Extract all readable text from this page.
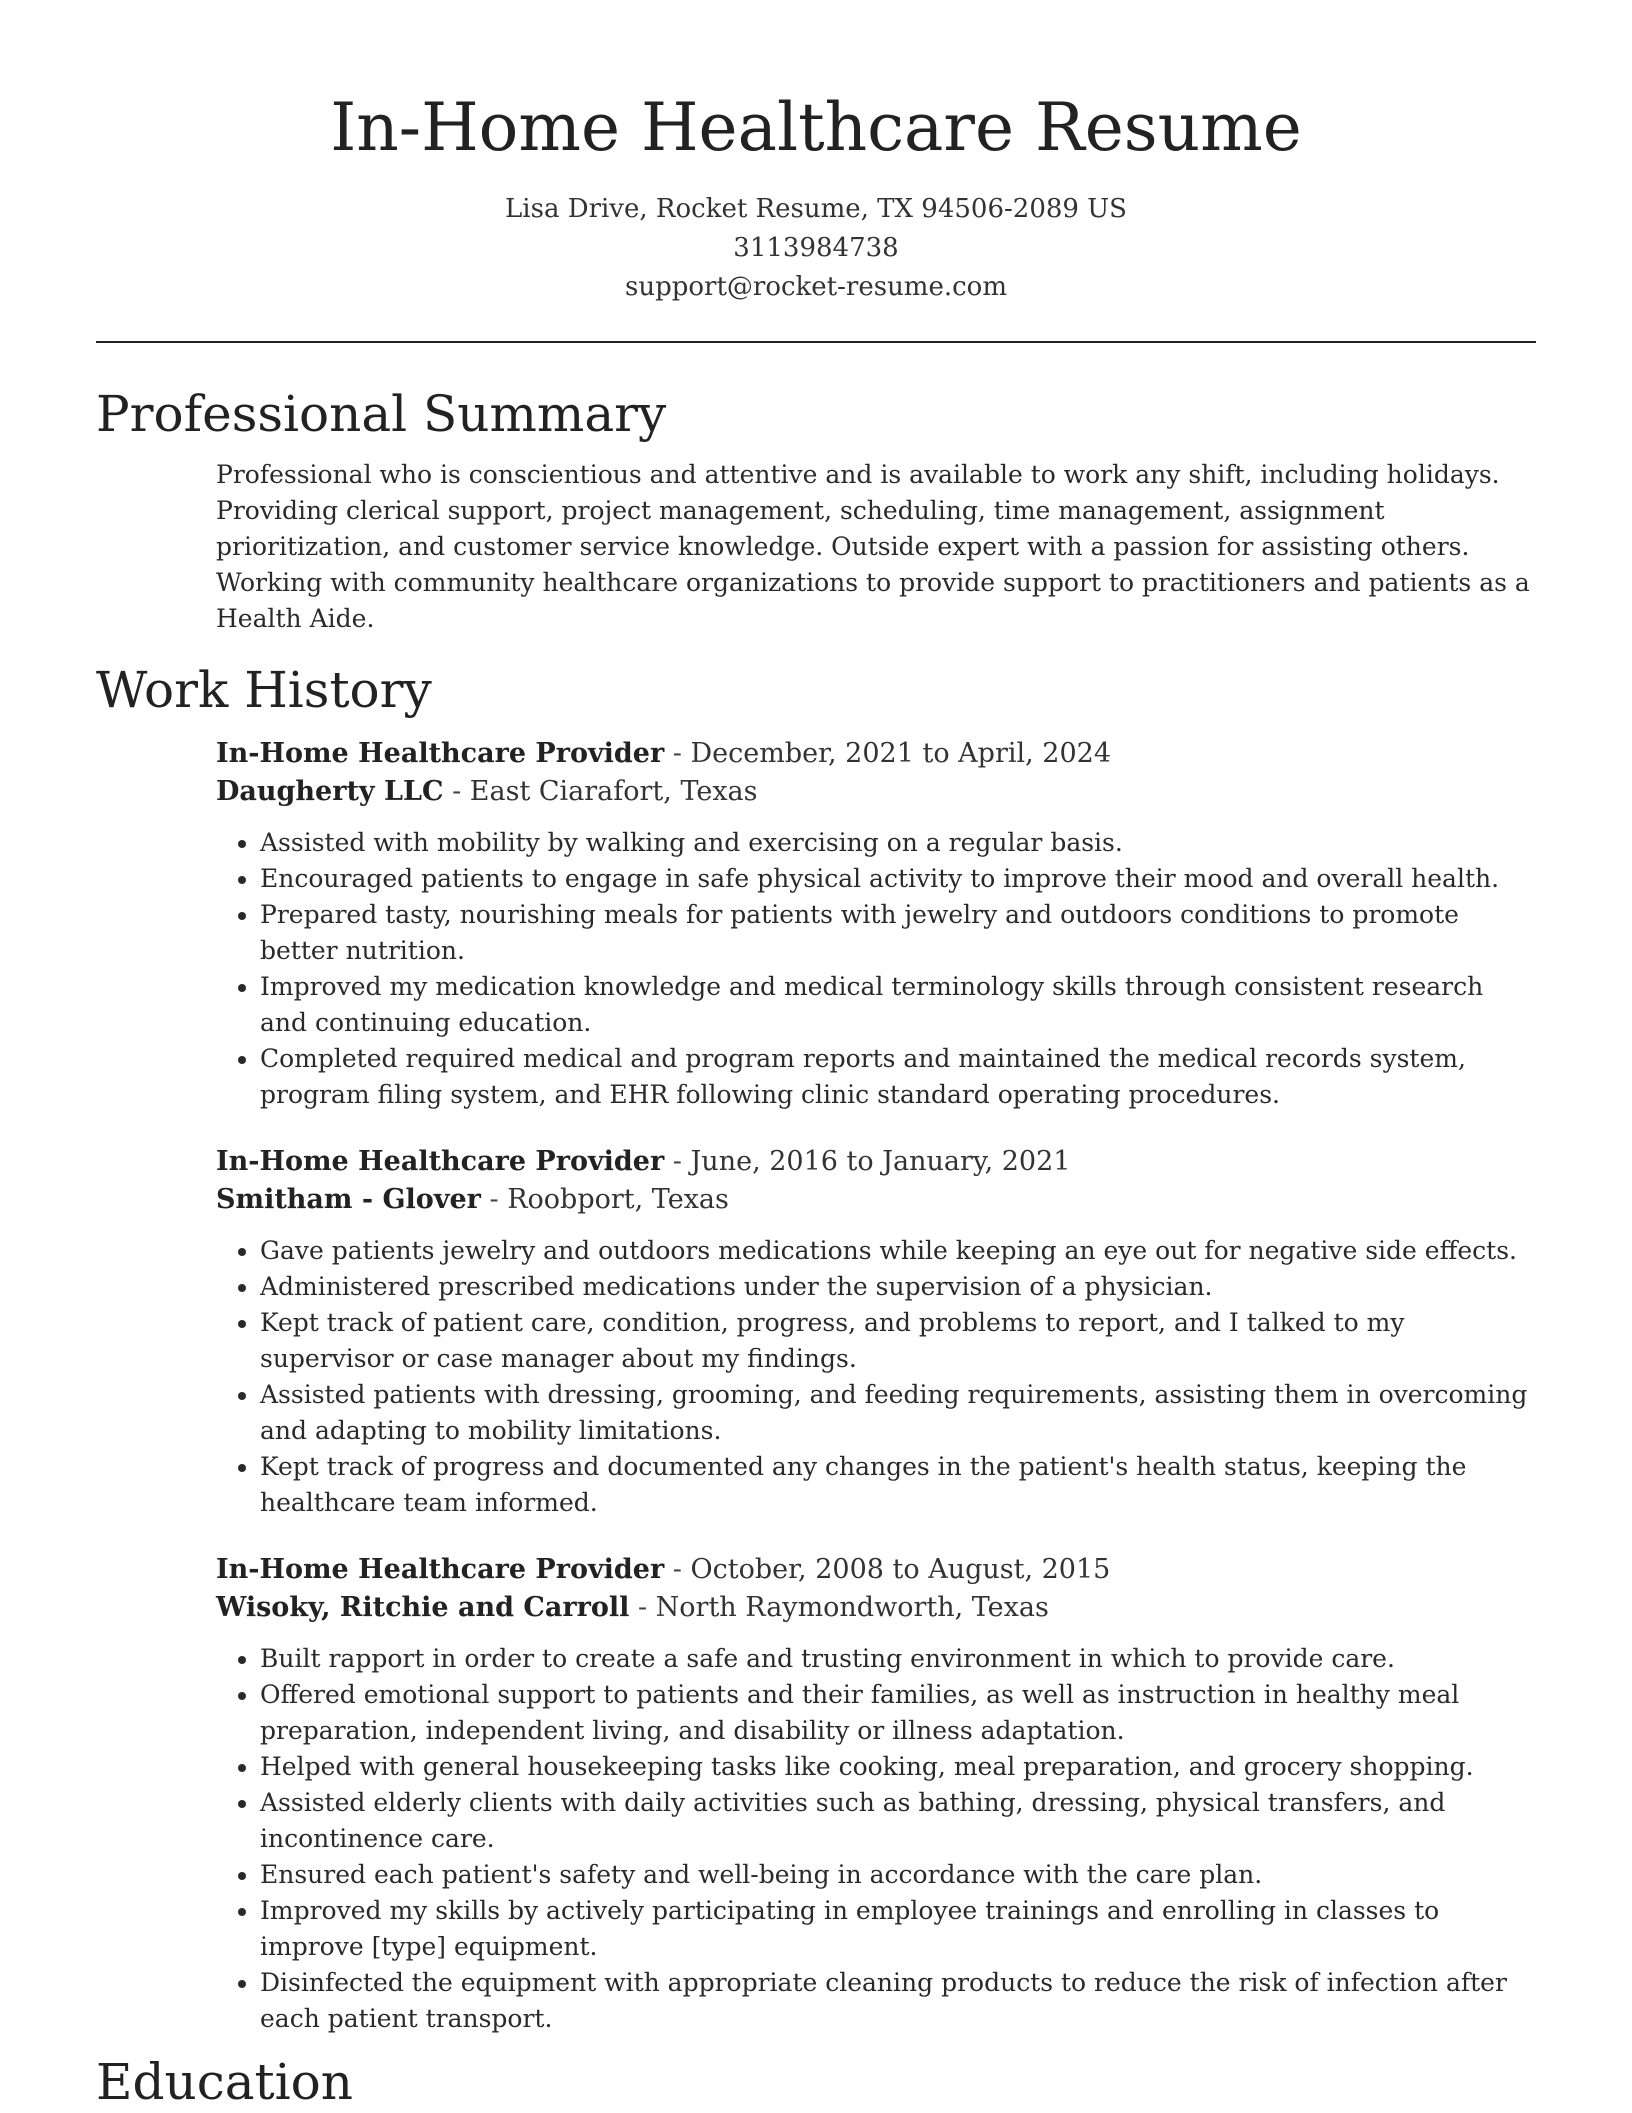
In-Home Healthcare Resume
Lisa Drive, Rocket Resume, TX 94506-2089 US
3113984738
support@rocket-resume.com
Professional Summary

Professional who is conscientious and attentive and is available to work any shift, including holidays. Providing clerical support, project management, scheduling, time management, assignment prioritization, and customer service knowledge. Outside expert with a passion for assisting others. Working with community healthcare organizations to provide support to practitioners and patients as a Health Aide.

Work History
In-Home Healthcare Provider - December, 2021 to April, 2024
Daugherty LLC - East Ciarafort, Texas
• Assisted with mobility by walking and exercising on a regular basis.
• Encouraged patients to engage in safe physical activity to improve their mood and overall health.
• Prepared tasty, nourishing meals for patients with jewelry and outdoors conditions to promote better nutrition.
• Improved my medication knowledge and medical terminology skills through consistent research and continuing education.
• Completed required medical and program reports and maintained the medical records system, program filing system, and EHR following clinic standard operating procedures.
In-Home Healthcare Provider - June, 2016 to January, 2021
Smitham - Glover - Roobport, Texas
• Gave patients jewelry and outdoors medications while keeping an eye out for negative side effects.
• Administered prescribed medications under the supervision of a physician.
• Kept track of patient care, condition, progress, and problems to report, and I talked to my supervisor or case manager about my findings.
• Assisted patients with dressing, grooming, and feeding requirements, assisting them in overcoming and adapting to mobility limitations.
• Kept track of progress and documented any changes in the patient's health status, keeping the healthcare team informed.
In-Home Healthcare Provider - October, 2008 to August, 2015
Wisoky, Ritchie and Carroll - North Raymondworth, Texas
• Built rapport in order to create a safe and trusting environment in which to provide care.
• Offered emotional support to patients and their families, as well as instruction in healthy meal preparation, independent living, and disability or illness adaptation.
• Helped with general housekeeping tasks like cooking, meal preparation, and grocery shopping.
• Assisted elderly clients with daily activities such as bathing, dressing, physical transfers, and incontinence care.
• Ensured each patient's safety and well-being in accordance with the care plan.
• Improved my skills by actively participating in employee trainings and enrolling in classes to improve [type] equipment.
• Disinfected the equipment with appropriate cleaning products to reduce the risk of infection after each patient transport.
Education
